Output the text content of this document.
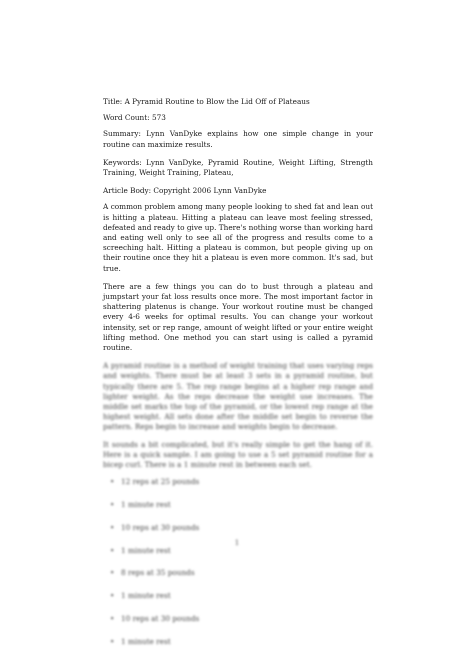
Title: A Pyramid Routine to Blow the Lid Off of Plateaus
Word Count: 573
Summary: Lynn VanDyke explains how one simple change in your routine can maximize results.
Keywords: Lynn VanDyke, Pyramid Routine, Weight Lifting, Strength Training, Weight Training, Plateau,
Article Body: Copyright 2006 Lynn VanDyke
A common problem among many people looking to shed fat and lean out is hitting a plateau. Hitting a plateau can leave most feeling stressed, defeated and ready to give up. There's nothing worse than working hard and eating well only to see all of the progress and results come to a screeching halt. Hitting a plateau is common, but people giving up on their routine once they hit a plateau is even more common. It's sad, but true.
There are a few things you can do to bust through a plateau and jumpstart your fat loss results once more. The most important factor in shattering platenus is change. Your workout routine must be changed every 4-6 weeks for optimal results. You can change your workout intensity, set or rep range, amount of weight lifted or your entire weight lifting method. One method you can start using is called a pyramid routine.
A pyramid routine is a method of weight training that uses varying reps and weights. There must be at least 3 sets in a pyramid routine, but typically there are 5. The rep range begins at a higher rep range and lighter weight. As the reps decrease the weight use increases. The middle set marks the top of the pyramid, or the lowest rep range at the highest weight. All sets done after the middle set begin to reverse the pattern. Reps begin to increase and weights begin to decrease.
It sounds a bit complicated, but it's really simple to get the hang of it. Here is a quick sample. I am going to use a 5 set pyramid routine for a bicep curl. There is a 1 minute rest in between each set.
• 12 reps at 25 pounds
• 1 minute rest
• 10 reps at 30 pounds
• 1 minute rest
• 8 reps at 35 pounds
• 1 minute rest
• 10 reps at 30 pounds
• 1 minute rest
1
